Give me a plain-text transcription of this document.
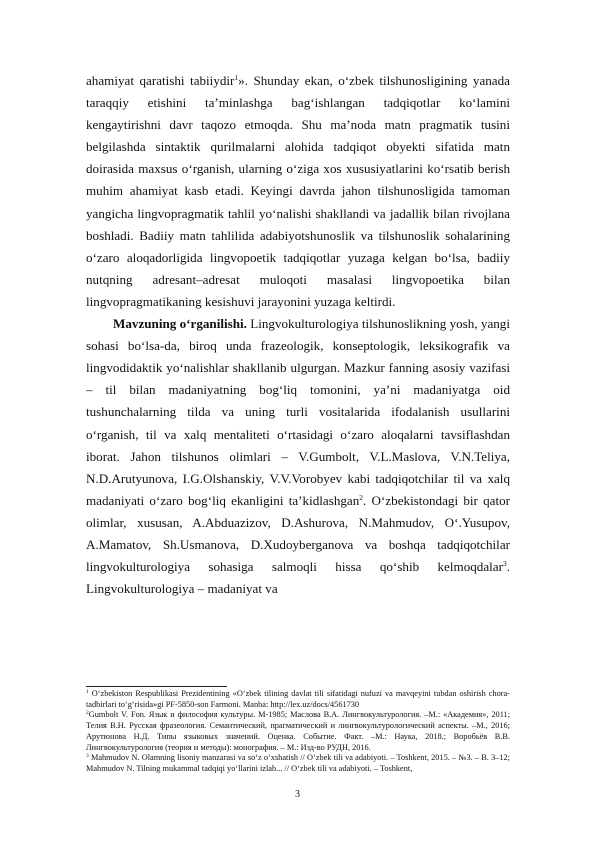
ahamiyat qaratishi tabiiydir$^1$». Shunday ekan, o‘zbek tilshunosligining yanada taraqqiy etishini ta’minlashga bag‘ishlangan tadqiqotlar ko‘lamini kengaytirishni davr taqozo etmoqda. Shu ma’noda matn pragmatik tusini belgilashda sintaktik qurilmalarni alohida tadqiqot obyekti sifatida matn doirasida maxsus o‘rganish, ularning o‘ziga xos xususiyatlarini ko‘rsatib berish muhim ahamiyat kasb etadi. Keyingi davrda jahon tilshunosligida tamoman yangicha lingvopragmatik tahlil yo‘nalishi shakllandi va jadallik bilan rivojlana boshladi. Badiiy matn tahlilida adabiyotshunoslik va tilshunoslik sohalarining o‘zaro aloqadorligida lingvopoetik tadqiqotlar yuzaga kelgan bo‘lsa, badiiy nutqning adresant–adresat muloqoti masalasi lingvopoetika bilan lingvopragmatikaning kesishuvi jarayonini yuzaga keltirdi.

Mavzuning o‘rganilishi. Lingvokulturologiya tilshunoslikning yosh, yangi sohasi bo‘lsa-da, biroq unda frazeologik, konseptologik, leksikografik va lingvodidaktik yo‘nalishlar shakllanib ulgurgan. Mazkur fanning asosiy vazifasi – til bilan madaniyatning bog‘liq tomonini, ya’ni madaniyatga oid tushunchalarning tilda va uning turli vositalarida ifodalanish usullarini o‘rganish, til va xalq mentaliteti o‘rtasidagi o‘zaro aloqalarni tavsiflashdan iborat. Jahon tilshunos olimlari – V.Gumbolt, V.L.Maslova, V.N.Teliya, N.D.Arutyunova, I.G.Olshanskiy, V.V.Vorobyev kabi tadqiqotchilar til va xalq madaniyati o‘zaro bog‘liq ekanligini ta’kidlashgan$^2$. O‘zbekistondagi bir qator olimlar, xususan, A.Abduazizov, D.Ashurova, N.Mahmudov, O‘.Yusupov, A.Mamatov, Sh.Usmanova, D.Xudoyberganova va boshqa tadqiqotchilar lingvokulturologiya sohasiga salmoqli hissa qo‘shib kelmoqdalar$^3$. Lingvokulturologiya – madaniyat va

$^1$ O‘zbekiston Respublikasi Prezidentining «O‘zbek tilining davlat tili sifatidagi nufuzi va mavqeyini tubdan oshirish chora-tadbirlari to‘g‘risida»gi PF-5850-son Farmoni. Manba: http://lex.uz/docs/4561730

$^2$Gumbolt V. Fon. Язык и философия культуры. М-1985; Маслова В.А. Лингвокультурология. –М.: «Академия», 2011; Телия В.Н. Русская фразеология. Семантический, прагматический и лингвокультурологический аспекты. –М., 2016; Арутюнова Н.Д. Типы языковых значений. Оценка. Событие. Факт. –М.: Наука, 2018.; Воробьёв В.В. Лингвокультурология (теория и методы): монография. – М.: Изд-во РУДН, 2016.

$^3$ Mahmudov N. Olamning lisoniy manzarasi va so‘z o‘xshatish // O‘zbek tili va adabiyoti. – Toshkent, 2015. – №3. – B. 3–12; Mahmudov N. Tilning mukammal tadqiqi yo‘llarini izlab... // O‘zbek tili va adabiyoti. – Toshkent,

3
